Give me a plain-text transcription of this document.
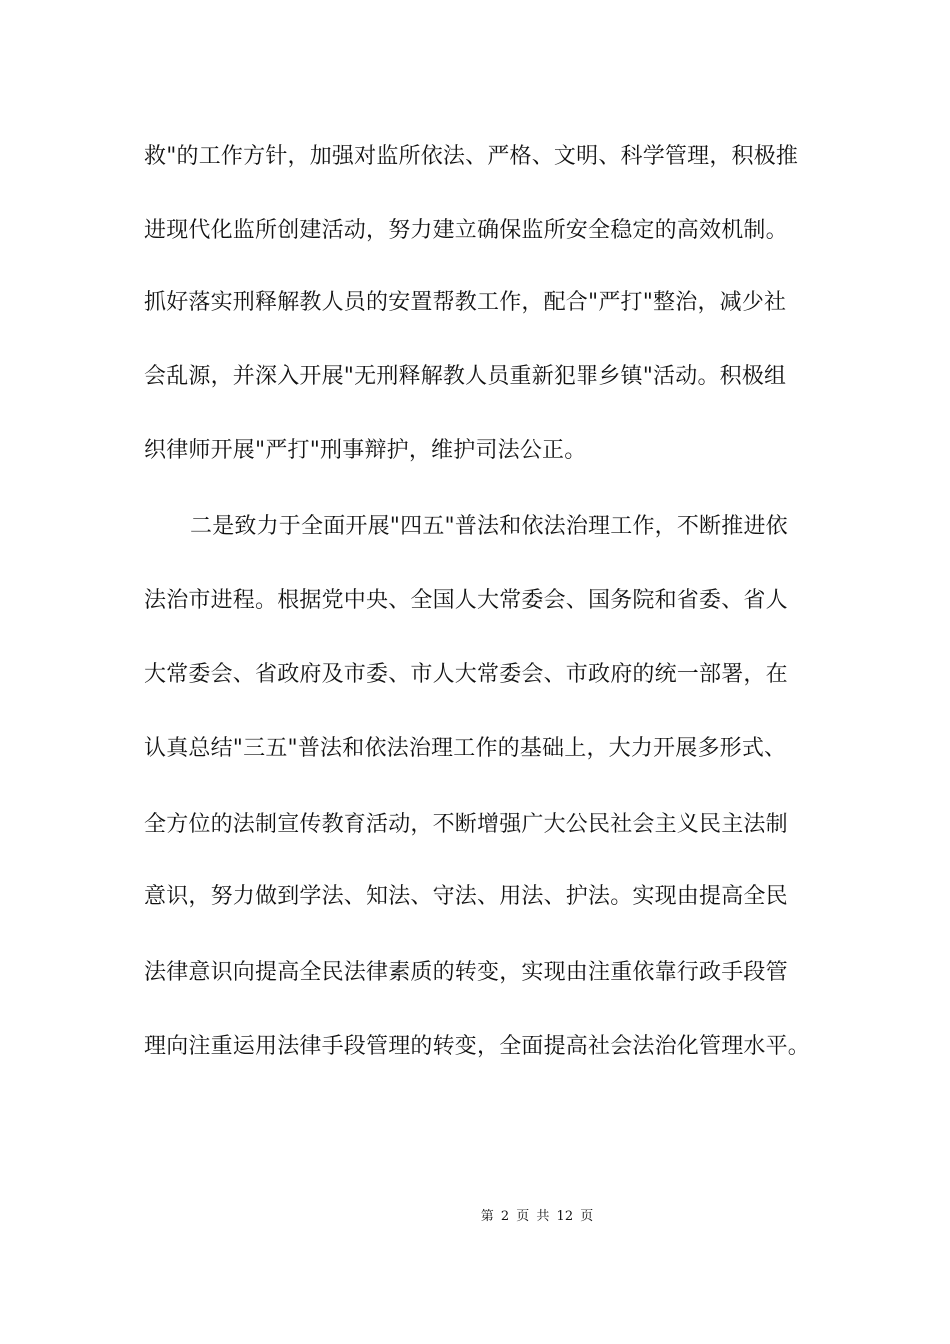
救"的工作方针，加强对监所依法、严格、文明、科学管理，积极推
进现代化监所创建活动，努力建立确保监所安全稳定的高效机制。
抓好落实刑释解教人员的安置帮教工作，配合"严打"整治，减少社
会乱源，并深入开展"无刑释解教人员重新犯罪乡镇"活动。积极组
织律师开展"严打"刑事辩护，维护司法公正。
二是致力于全面开展"四五"普法和依法治理工作，不断推进依
法治市进程。根据党中央、全国人大常委会、国务院和省委、省人
大常委会、省政府及市委、市人大常委会、市政府的统一部署，在
认真总结"三五"普法和依法治理工作的基础上，大力开展多形式、
全方位的法制宣传教育活动，不断增强广大公民社会主义民主法制
意识，努力做到学法、知法、守法、用法、护法。实现由提高全民
法律意识向提高全民法律素质的转变，实现由注重依靠行政手段管
理向注重运用法律手段管理的转变，全面提高社会法治化管理水平。
第 2 页 共 12 页
